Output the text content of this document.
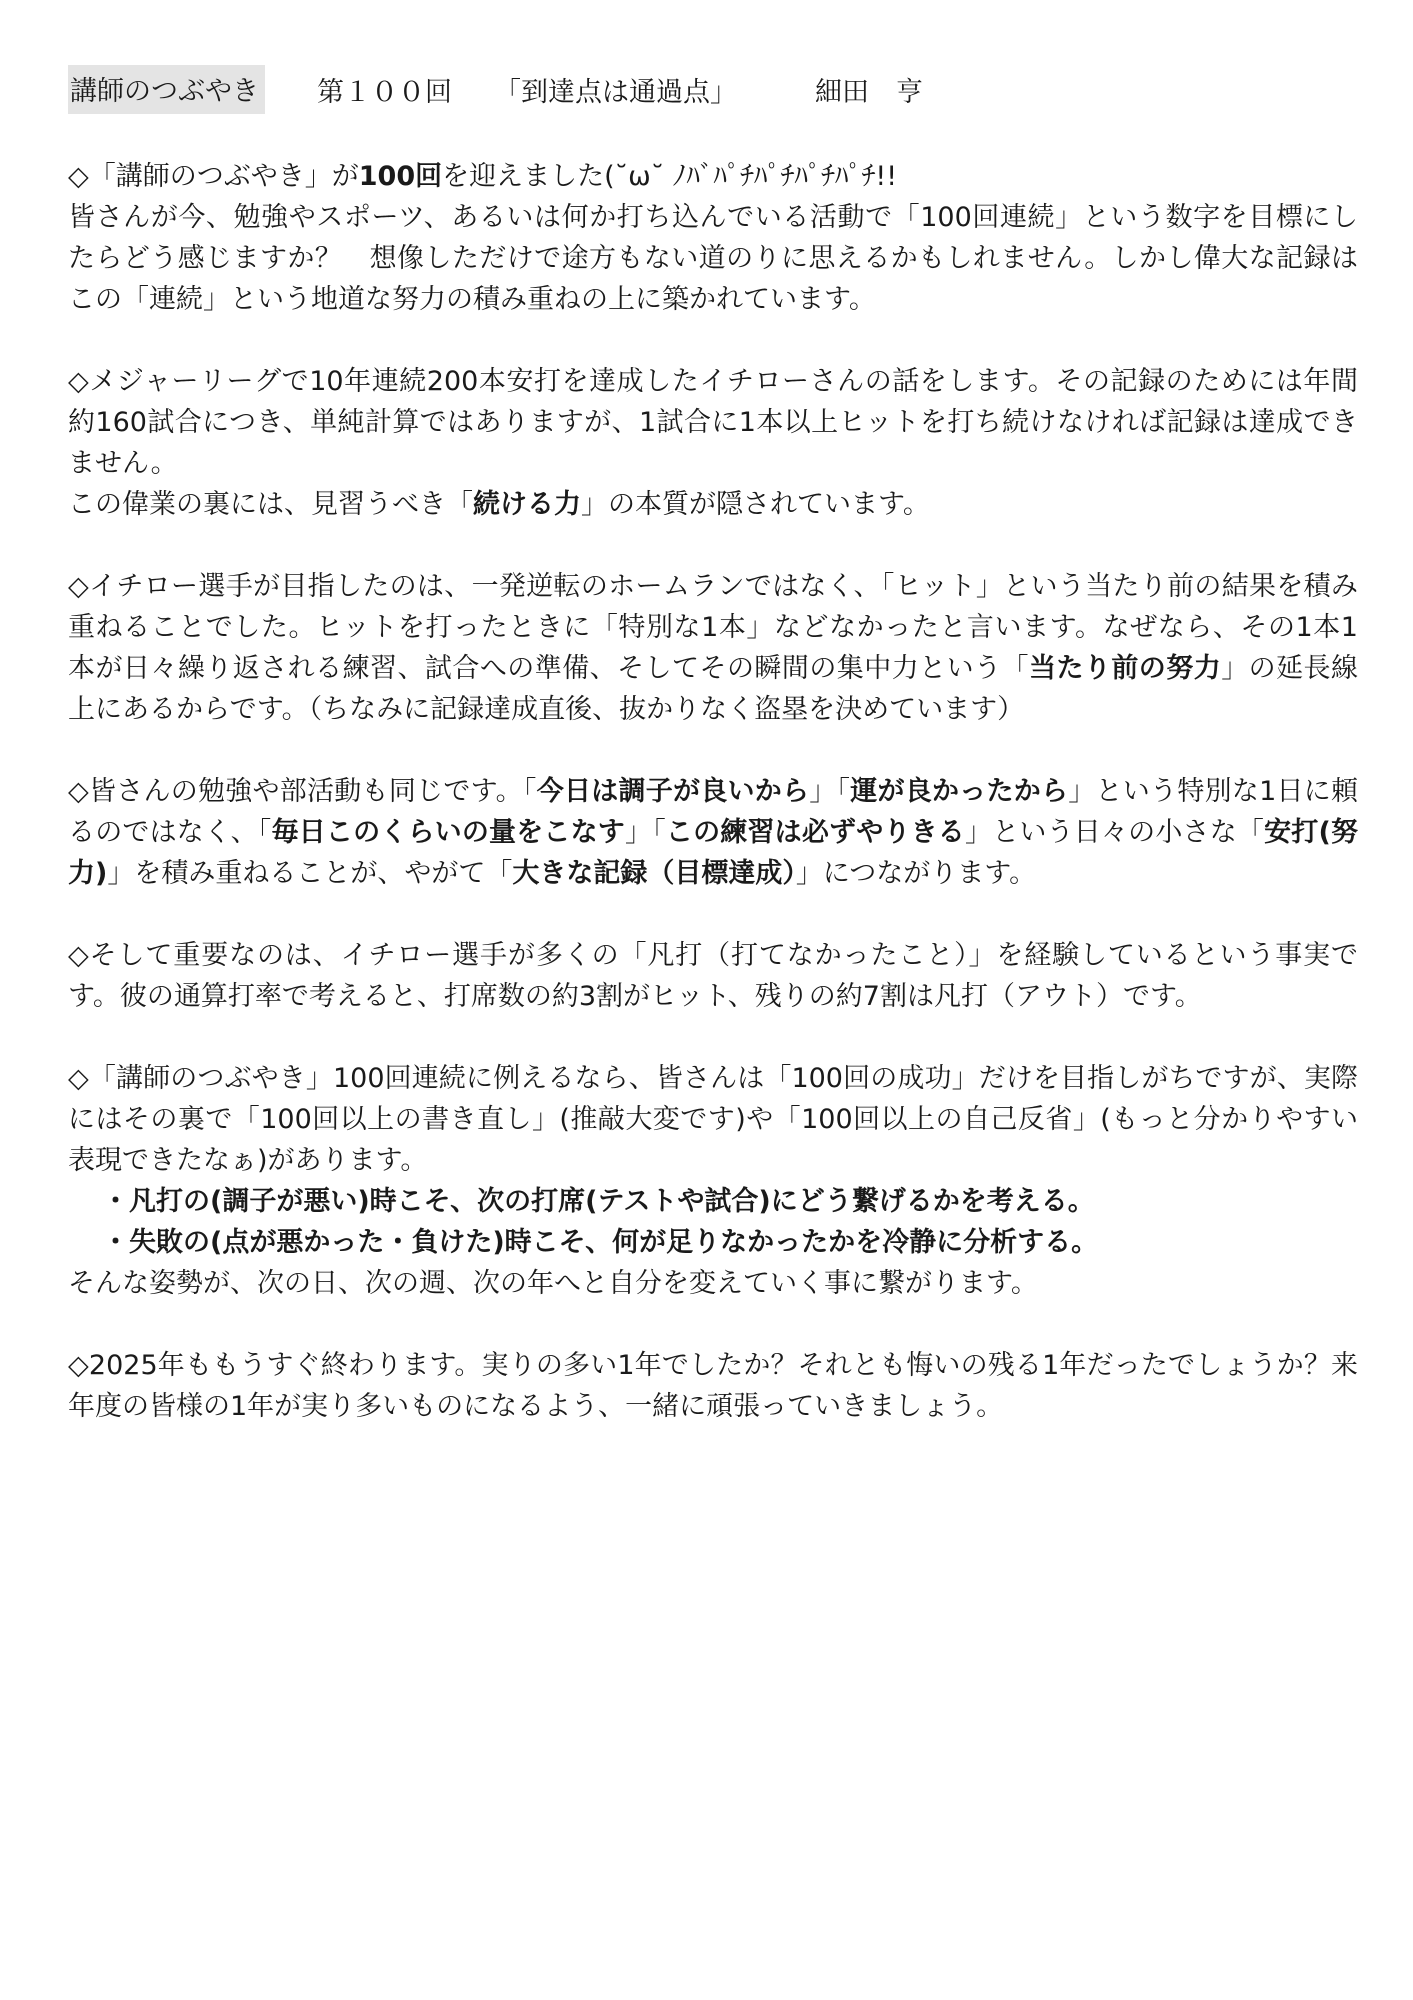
講師のつぶやき 第１００回 「到達点は通過点」	細田　亨
◇「講師のつぶやき」が100回を迎えました(˘ω˘ ﾉﾊﾞﾊﾟﾁﾊﾟﾁﾊﾟﾁﾊﾟﾁ!!
皆さんが今、勉強やスポーツ、あるいは何か打ち込んでいる活動で「100回連続」という数字を目標にしたらどう感じますか？　想像しただけで途方もない道のりに思えるかもしれません。しかし偉大な記録はこの「連続」という地道な努力の積み重ねの上に築かれています。
◇メジャーリーグで10年連続200本安打を達成したイチローさんの話をします。その記録のためには年間約160試合につき、単純計算ではありますが、1試合に1本以上ヒットを打ち続けなければ記録は達成できません。
この偉業の裏には、見習うべき「続ける力」の本質が隠されています。
◇イチロー選手が目指したのは、一発逆転のホームランではなく、「ヒット」という当たり前の結果を積み重ねることでした。ヒットを打ったときに「特別な1本」などなかったと言います。なぜなら、その1本1本が日々繰り返される練習、試合への準備、そしてその瞬間の集中力という「当たり前の努力」の延長線上にあるからです。（ちなみに記録達成直後、抜かりなく盗塁を決めています）
◇皆さんの勉強や部活動も同じです。「今日は調子が良いから」「運が良かったから」という特別な1日に頼るのではなく、「毎日このくらいの量をこなす」「この練習は必ずやりきる」という日々の小さな「安打(努力)」を積み重ねることが、やがて「大きな記録（目標達成）」につながります。
◇そして重要なのは、イチロー選手が多くの「凡打（打てなかったこと）」を経験しているという事実です。彼の通算打率で考えると、打席数の約3割がヒット、残りの約7割は凡打（アウト）です。
◇「講師のつぶやき」100回連続に例えるなら、皆さんは「100回の成功」だけを目指しがちですが、実際にはその裏で「100回以上の書き直し」(推敲大変です)や「100回以上の自己反省」(もっと分かりやすい表現できたなぁ)があります。
・凡打の(調子が悪い)時こそ、次の打席(テストや試合)にどう繋げるかを考える。
・失敗の(点が悪かった・負けた)時こそ、何が足りなかったかを冷静に分析する。
そんな姿勢が、次の日、次の週、次の年へと自分を変えていく事に繋がります。
◇2025年ももうすぐ終わります。実りの多い1年でしたか？それとも悔いの残る1年だったでしょうか？来年度の皆様の1年が実り多いものになるよう、一緒に頑張っていきましょう。
